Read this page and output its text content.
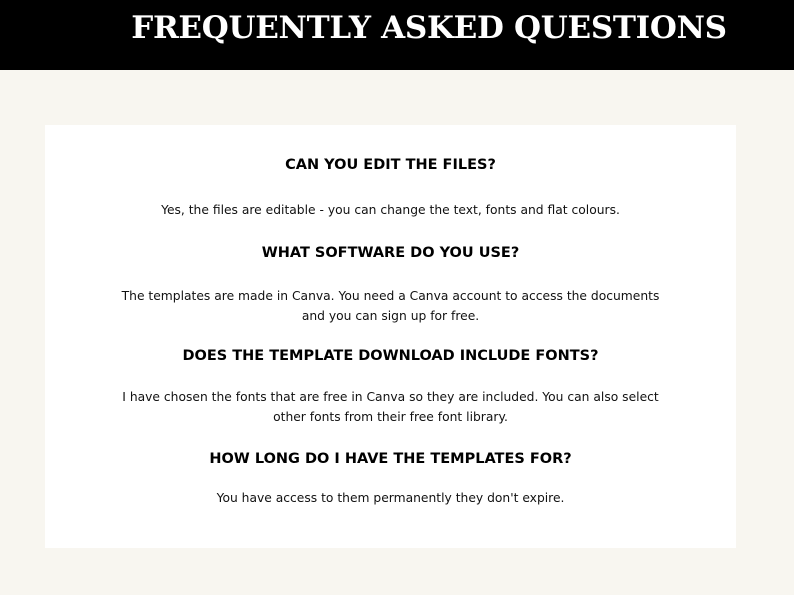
FREQUENTLY ASKED QUESTIONS
CAN YOU EDIT THE FILES?
Yes, the files are editable - you can change the text, fonts and flat colours.
WHAT SOFTWARE DO YOU USE?
The templates are made in Canva. You need a Canva account to access the documents
and you can sign up for free.
DOES THE TEMPLATE DOWNLOAD INCLUDE FONTS?
I have chosen the fonts that are free in Canva so they are included. You can also select
other fonts from their free font library.
HOW LONG DO I HAVE THE TEMPLATES FOR?
You have access to them permanently they don't expire.
